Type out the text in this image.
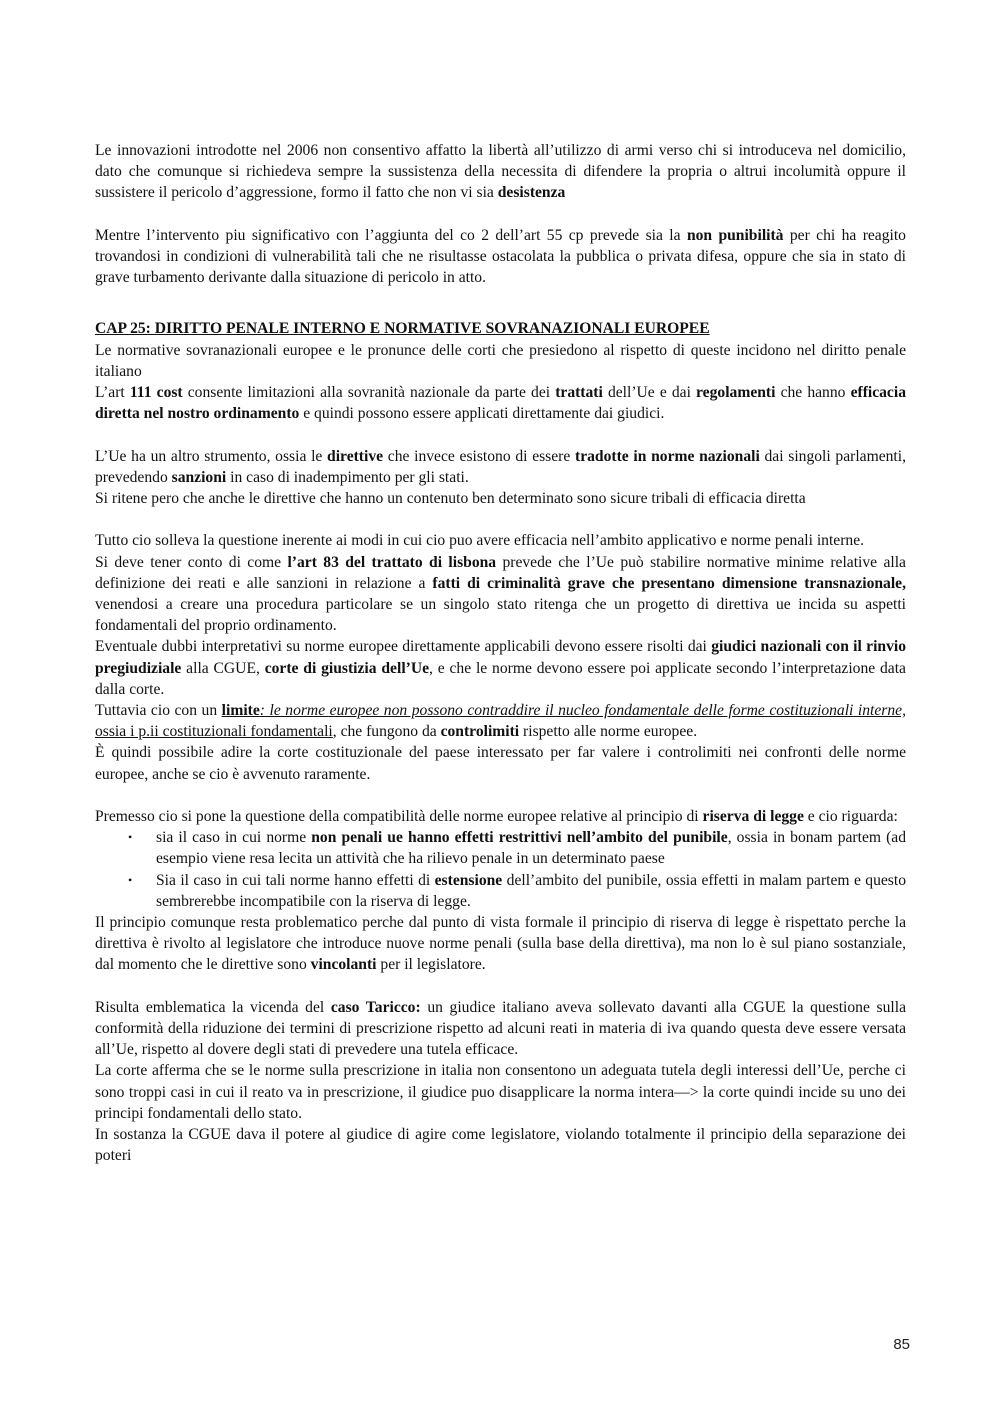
Le innovazioni introdotte nel 2006 non consentivo affatto la libertà all’utilizzo di armi verso chi si introduceva nel domicilio, dato che comunque si richiedeva sempre la sussistenza della necessita di difendere la propria o altrui incolumità oppure il sussistere il pericolo d’aggressione, formo il fatto che non vi sia desistenza

Mentre l’intervento piu significativo con l’aggiunta del co 2 dell’art 55 cp prevede sia la non punibilità per chi ha reagito trovandosi in condizioni di vulnerabilità tali che ne risultasse ostacolata la pubblica o privata difesa, oppure che sia in stato di grave turbamento derivante dalla situazione di pericolo in atto.

CAP 25: DIRITTO PENALE INTERNO E NORMATIVE SOVRANAZIONALI EUROPEE

Le normative sovranazionali europee e le pronunce delle corti che presiedono al rispetto di queste incidono nel diritto penale italiano

L’art 111 cost consente limitazioni alla sovranità nazionale da parte dei trattati dell’Ue e dai regolamenti che hanno efficacia diretta nel nostro ordinamento e quindi possono essere applicati direttamente dai giudici.

L’Ue ha un altro strumento, ossia le direttive che invece esistono di essere tradotte in norme nazionali dai singoli parlamenti, prevedendo sanzioni in caso di inadempimento per gli stati.

Si ritene pero che anche le direttive che hanno un contenuto ben determinato sono sicure tribali di efficacia diretta

Tutto cio solleva la questione inerente ai modi in cui cio puo avere efficacia nell’ambito applicativo e norme penali interne.

Si deve tener conto di come l’art 83 del trattato di lisbona prevede che l’Ue può stabilire normative minime relative alla definizione dei reati e alle sanzioni in relazione a fatti di criminalità grave che presentano dimensione transnazionale, venendosi a creare una procedura particolare se un singolo stato ritenga che un progetto di direttiva ue incida su aspetti fondamentali del proprio ordinamento.

Eventuale dubbi interpretativi su norme europee direttamente applicabili devono essere risolti dai giudici nazionali con il rinvio pregiudiziale alla CGUE, corte di giustizia dell’Ue, e che le norme devono essere poi applicate secondo l’interpretazione data dalla corte.

Tuttavia cio con un limite: le norme europee non possono contraddire il nucleo fondamentale delle forme costituzionali interne, ossia i p.ii costituzionali fondamentali, che fungono da controlimiti rispetto alle norme europee.

È quindi possibile adire la corte costituzionale del paese interessato per far valere i controlimiti nei confronti delle norme europee, anche se cio è avvenuto raramente.

Premesso cio si pone la questione della compatibilità delle norme europee relative al principio di riserva di legge e cio riguarda:

• sia il caso in cui norme non penali ue hanno effetti restrittivi nell’ambito del punibile, ossia in bonam partem (ad esempio viene resa lecita un attività che ha rilievo penale in un determinato paese
• Sia il caso in cui tali norme hanno effetti di estensione dell’ambito del punibile, ossia effetti in malam partem e questo sembrerebbe incompatibile con la riserva di legge.

Il principio comunque resta problematico perche dal punto di vista formale il principio di riserva di legge è rispettato perche la direttiva è rivolto al legislatore che introduce nuove norme penali (sulla base della direttiva), ma non lo è sul piano sostanziale, dal momento che le direttive sono vincolanti per il legislatore.

Risulta emblematica la vicenda del caso Taricco: un giudice italiano aveva sollevato davanti alla CGUE la questione sulla conformità della riduzione dei termini di prescrizione rispetto ad alcuni reati in materia di iva quando questa deve essere versata all’Ue, rispetto al dovere degli stati di prevedere una tutela efficace.

La corte afferma che se le norme sulla prescrizione in italia non consentono un adeguata tutela degli interessi dell’Ue, perche ci sono troppi casi in cui il reato va in prescrizione, il giudice puo disapplicare la norma intera—> la corte quindi incide su uno dei principi fondamentali dello stato.

In sostanza la CGUE dava il potere al giudice di agire come legislatore, violando totalmente il principio della separazione dei poteri

85
